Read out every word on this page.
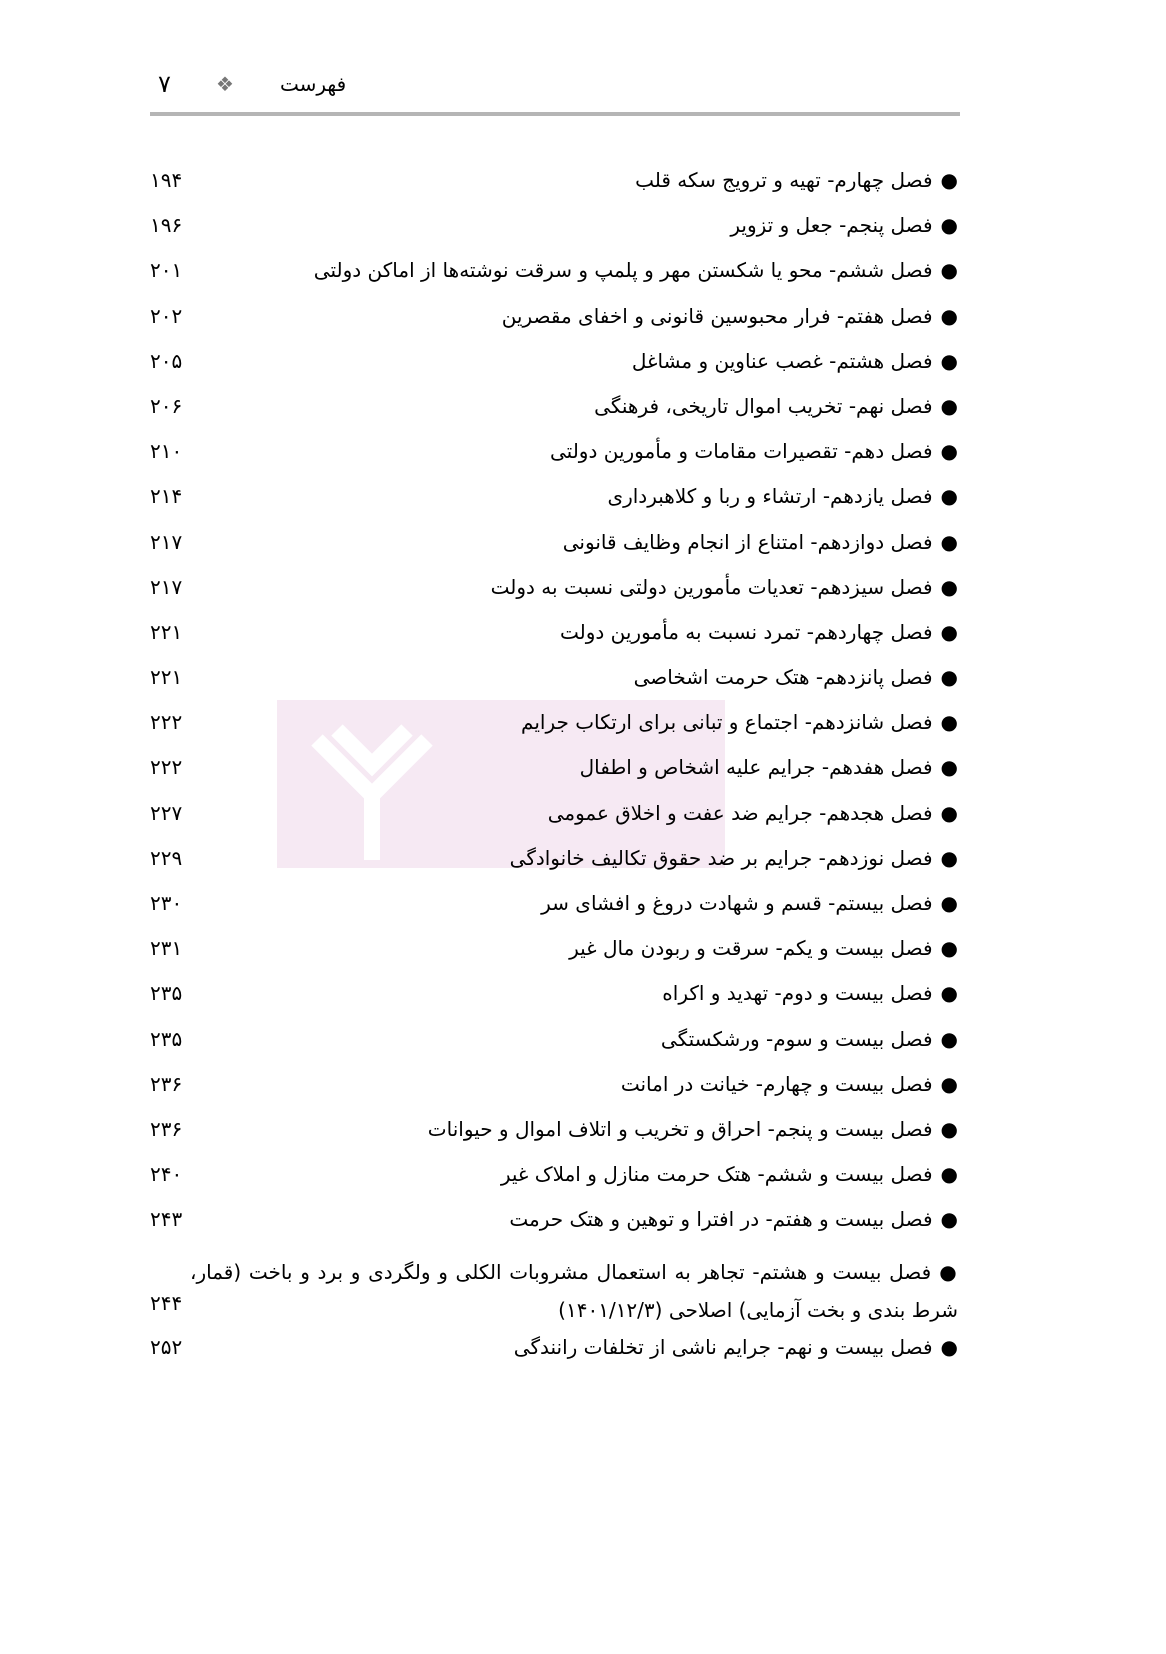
۷ ❖ فهرست
●فصل چهارم- تهیه و ترویج سکه قلب
۱۹۴
●فصل پنجم- جعل و تزویر
۱۹۶
●فصل ششم- محو یا شکستن مهر و پلمپ و سرقت نوشته‌ها از اماکن دولتی
۲۰۱
●فصل هفتم- فرار محبوسین قانونی و اخفای مقصرین
۲۰۲
●فصل هشتم- غصب عناوین و مشاغل
۲۰۵
●فصل نهم- تخریب اموال تاریخی، فرهنگی
۲۰۶
●فصل دهم- تقصیرات مقامات و مأمورین دولتی
۲۱۰
●فصل یازدهم- ارتشاء و ربا و کلاهبرداری
۲۱۴
●فصل دوازدهم- امتناع از انجام وظایف قانونی
۲۱۷
●فصل سیزدهم- تعدیات مأمورین دولتی نسبت به دولت
۲۱۷
●فصل چهاردهم- تمرد نسبت به مأمورین دولت
۲۲۱
●فصل پانزدهم- هتک حرمت اشخاصی
۲۲۱
●فصل شانزدهم- اجتماع و تبانی برای ارتکاب جرایم
۲۲۲
●فصل هفدهم- جرایم علیه اشخاص و اطفال
۲۲۲
●فصل هجدهم- جرایم ضد عفت و اخلاق عمومی
۲۲۷
●فصل نوزدهم- جرایم بر ضد حقوق تکالیف خانوادگی
۲۲۹
●فصل بیستم- قسم و شهادت دروغ و افشای سر
۲۳۰
●فصل بیست و یکم- سرقت و ربودن مال غیر
۲۳۱
●فصل بیست و دوم- تهدید و اکراه
۲۳۵
●فصل بیست و سوم- ورشکستگی
۲۳۵
●فصل بیست و چهارم- خیانت در امانت
۲۳۶
●فصل بیست و پنجم- احراق و تخریب و اتلاف اموال و حیوانات
۲۳۶
●فصل بیست و ششم- هتک حرمت منازل و املاک غیر
۲۴۰
●فصل بیست و هفتم- در افترا و توهین و هتک حرمت
۲۴۳
●فصل بیست و هشتم- تجاهر به استعمال مشروبات الکلی و ولگردی و برد و باخت (قمار، شرط بندی و بخت آزمایی) اصلاحی (۱۴۰۱/۱۲/۳)
۲۴۴
●فصل بیست و نهم- جرایم ناشی از تخلفات رانندگی
۲۵۲
